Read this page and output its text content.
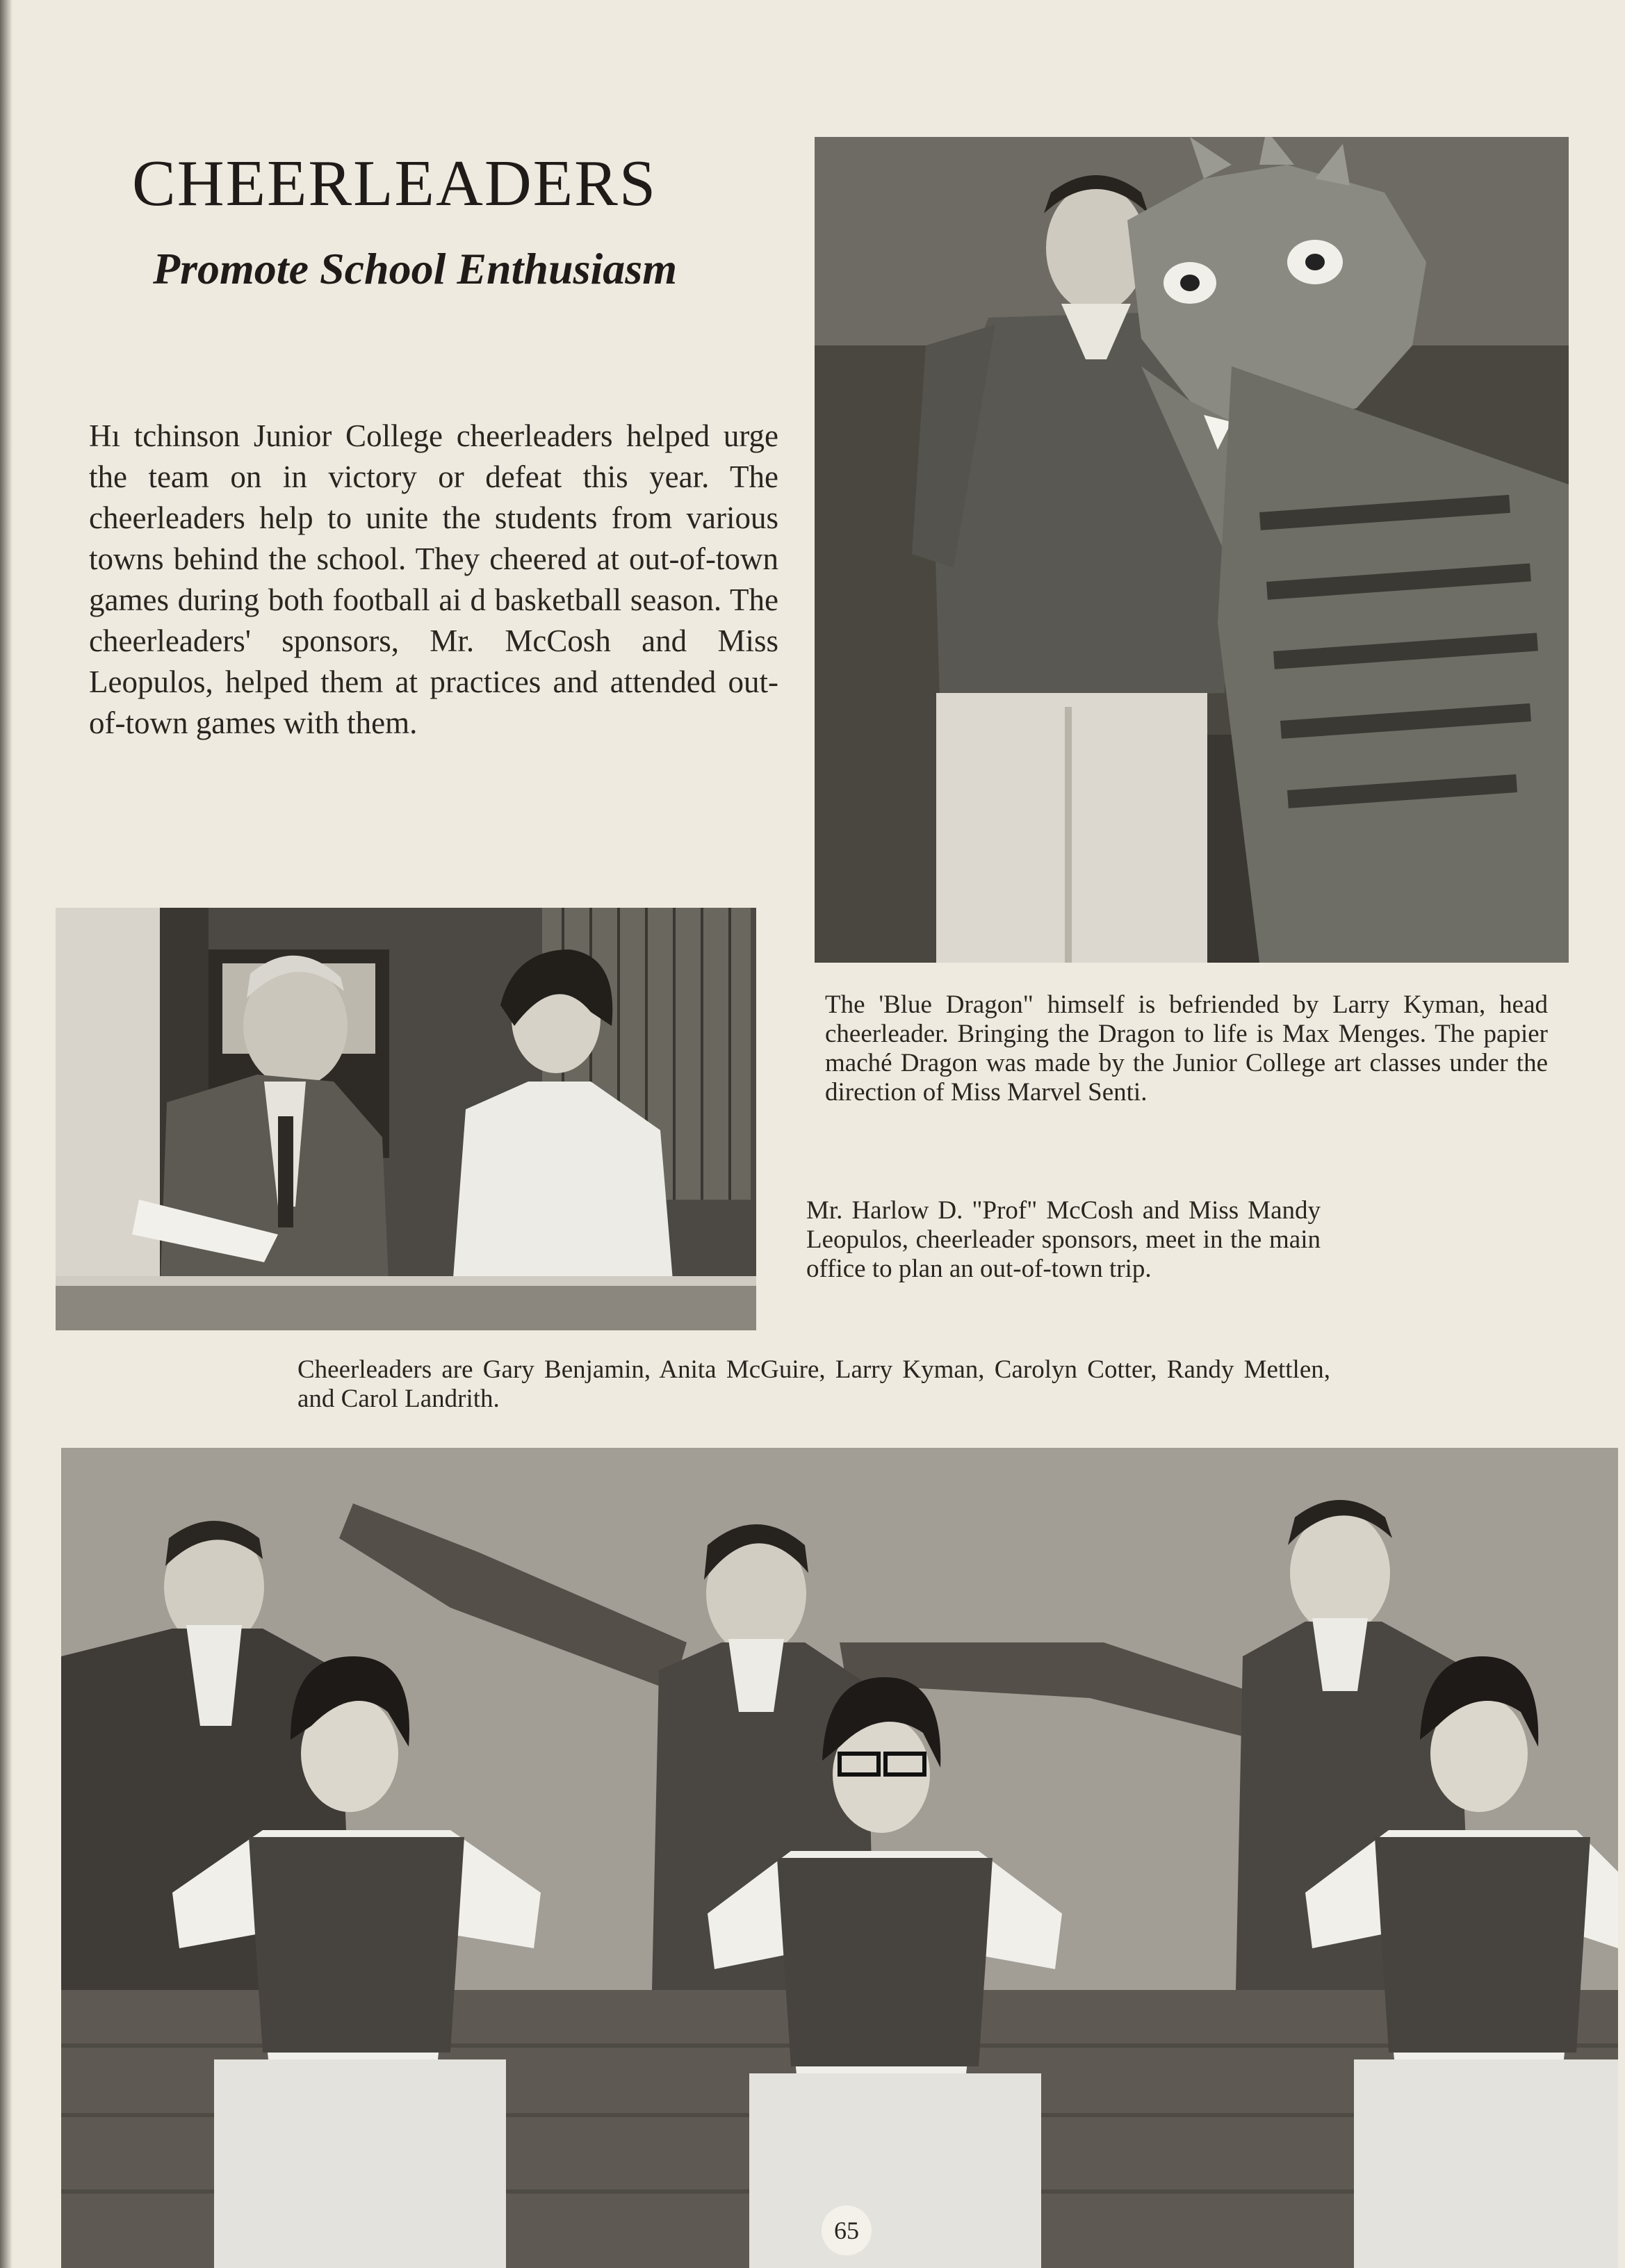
CHEERLEADERS
Promote School Enthusiasm

Hı tchinson Junior College cheerleaders helped urge the team on in victory or defeat this year. The cheerleaders help to unite the students from various towns behind the school. They cheered at out-of-town games during both football ai d basketball season. The cheerleaders' sponsors, Mr. McCosh and Miss Leopulos, helped them at practices and attended out-of-town games with them.

The 'Blue Dragon" himself is befriended by Larry Kyman, head cheerleader. Bringing the Dragon to life is Max Menges. The papier maché Dragon was made by the Junior College art classes under the direction of Miss Marvel Senti.

Mr. Harlow D. "Prof" McCosh and Miss Mandy Leopulos, cheerleader sponsors, meet in the main office to plan an out-of-town trip.

Cheerleaders are Gary Benjamin, Anita McGuire, Larry Kyman, Carolyn Cotter, Randy Mettlen, and Carol Landrith.

65
